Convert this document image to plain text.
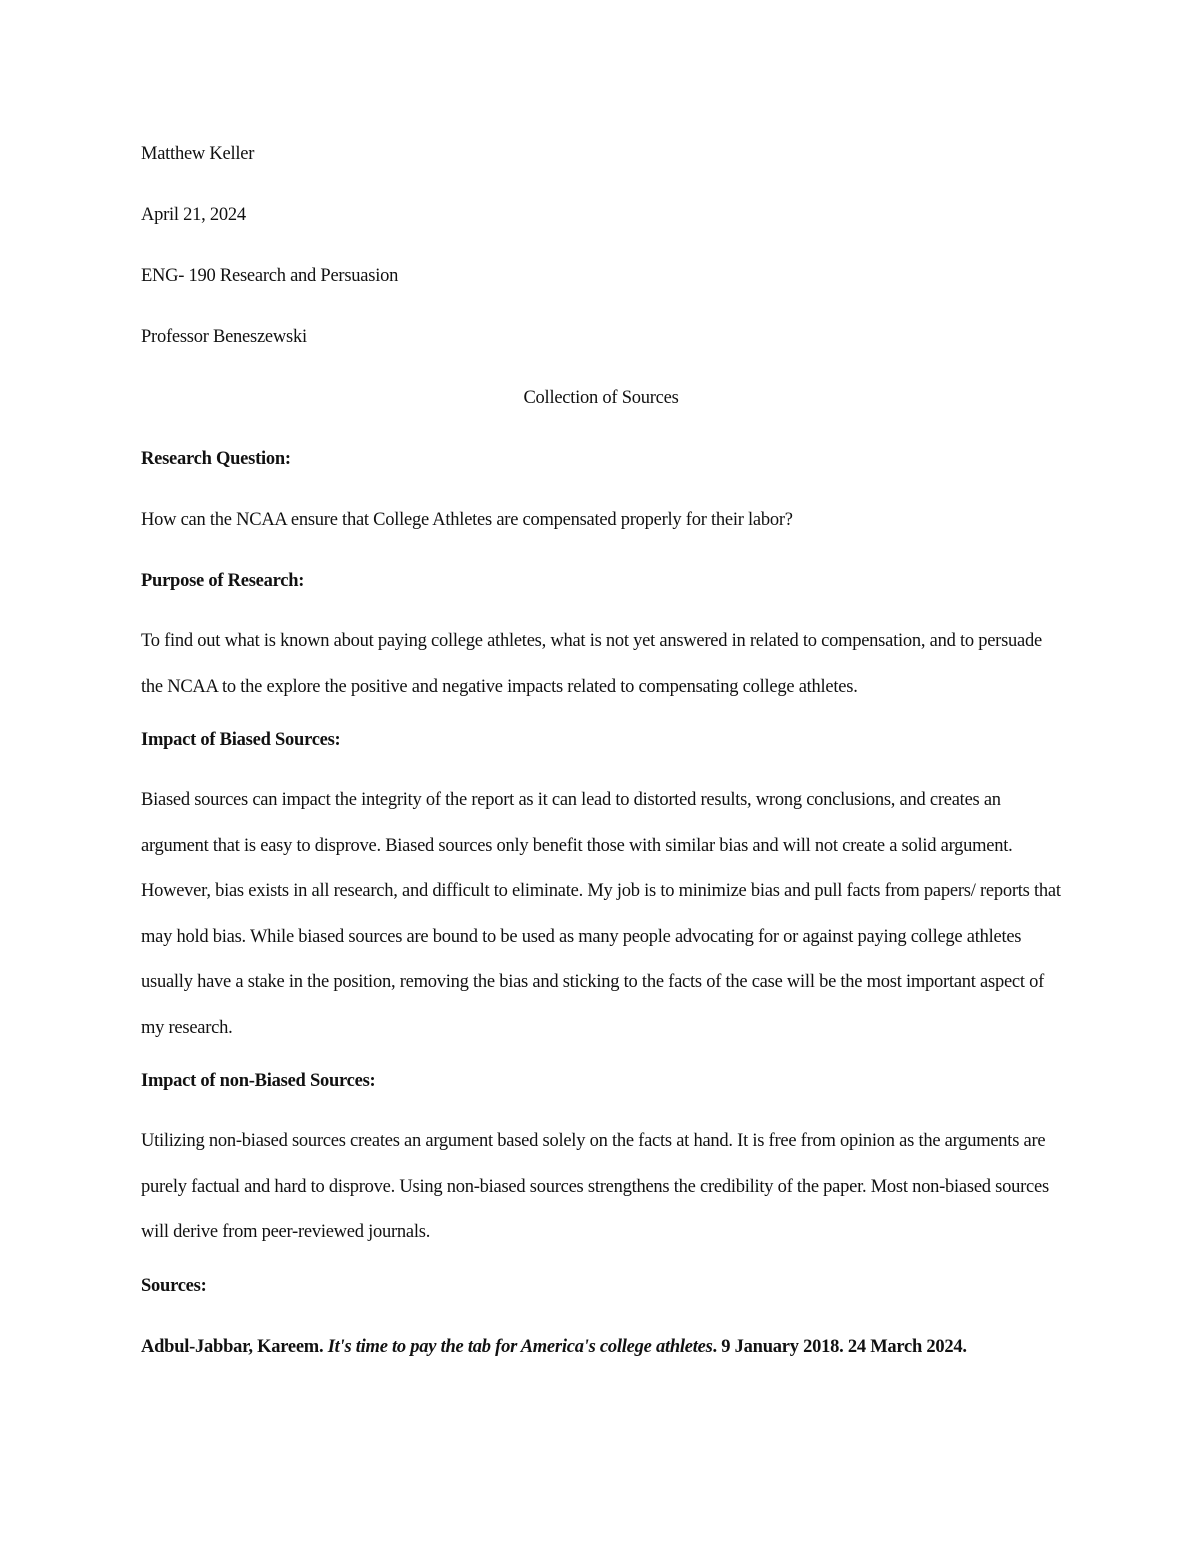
Matthew Keller
April 21, 2024
ENG- 190 Research and Persuasion
Professor Beneszewski
Collection of Sources
Research Question:
How can the NCAA ensure that College Athletes are compensated properly for their labor?
Purpose of Research:
To find out what is known about paying college athletes, what is not yet answered in related to compensation, and to persuade the NCAA to the explore the positive and negative impacts related to compensating college athletes.
Impact of Biased Sources:
Biased sources can impact the integrity of the report as it can lead to distorted results, wrong conclusions, and creates an argument that is easy to disprove. Biased sources only benefit those with similar bias and will not create a solid argument. However, bias exists in all research, and difficult to eliminate. My job is to minimize bias and pull facts from papers/ reports that may hold bias. While biased sources are bound to be used as many people advocating for or against paying college athletes usually have a stake in the position, removing the bias and sticking to the facts of the case will be the most important aspect of my research.
Impact of non-Biased Sources:
Utilizing non-biased sources creates an argument based solely on the facts at hand. It is free from opinion as the arguments are purely factual and hard to disprove. Using non-biased sources strengthens the credibility of the paper. Most non-biased sources will derive from peer-reviewed journals.
Sources:
Adbul-Jabbar, Kareem. It's time to pay the tab for America's college athletes. 9 January 2018. 24 March 2024.
